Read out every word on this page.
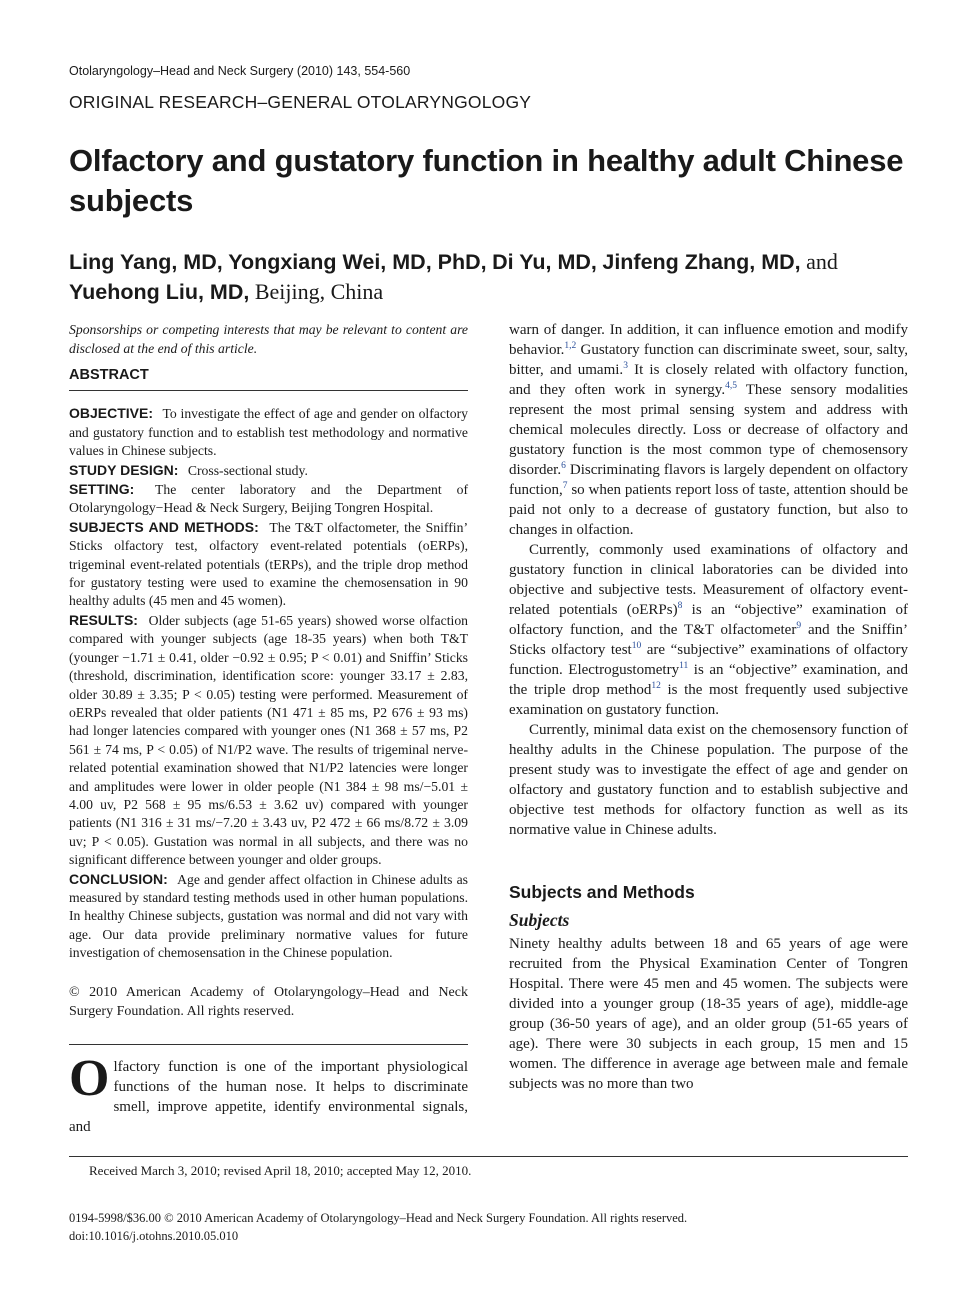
Otolaryngology–Head and Neck Surgery (2010) 143, 554-560
ORIGINAL RESEARCH–GENERAL OTOLARYNGOLOGY
Olfactory and gustatory function in healthy adult Chinese subjects
Ling Yang, MD, Yongxiang Wei, MD, PhD, Di Yu, MD, Jinfeng Zhang, MD, and Yuehong Liu, MD, Beijing, China

Sponsorships or competing interests that may be relevant to content are disclosed at the end of this article.

ABSTRACT

OBJECTIVE: To investigate the effect of age and gender on olfactory and gustatory function and to establish test methodology and normative values in Chinese subjects.

STUDY DESIGN: Cross-sectional study.

SETTING: The center laboratory and the Department of Otolaryngology−Head & Neck Surgery, Beijing Tongren Hospital.

SUBJECTS AND METHODS: The T&T olfactometer, the Sniffin’ Sticks olfactory test, olfactory event-related potentials (oERPs), trigeminal event-related potentials (tERPs), and the triple drop method for gustatory testing were used to examine the chemosensation in 90 healthy adults (45 men and 45 women).

RESULTS: Older subjects (age 51-65 years) showed worse olfaction compared with younger subjects (age 18-35 years) when both T&T (younger −1.71 ± 0.41, older −0.92 ± 0.95; P < 0.01) and Sniffin’ Sticks (threshold, discrimination, identification score: younger 33.17 ± 2.83, older 30.89 ± 3.35; P < 0.05) testing were performed. Measurement of oERPs revealed that older patients (N1 471 ± 85 ms, P2 676 ± 93 ms) had longer latencies compared with younger ones (N1 368 ± 57 ms, P2 561 ± 74 ms, P < 0.05) of N1/P2 wave. The results of trigeminal nerve-related potential examination showed that N1/P2 latencies were longer and amplitudes were lower in older people (N1 384 ± 98 ms/−5.01 ± 4.00 uv, P2 568 ± 95 ms/6.53 ± 3.62 uv) compared with younger patients (N1 316 ± 31 ms/−7.20 ± 3.43 uv, P2 472 ± 66 ms/8.72 ± 3.09 uv; P < 0.05). Gustation was normal in all subjects, and there was no significant difference between younger and older groups.

CONCLUSION: Age and gender affect olfaction in Chinese adults as measured by standard testing methods used in other human populations. In healthy Chinese subjects, gustation was normal and did not vary with age. Our data provide preliminary normative values for future investigation of chemosensation in the Chinese population.

© 2010 American Academy of Otolaryngology–Head and Neck Surgery Foundation. All rights reserved.

Olfactory function is one of the important physiological functions of the human nose. It helps to discriminate smell, improve appetite, identify environmental signals, and

warn of danger. In addition, it can influence emotion and modify behavior.$^{1,2}$ Gustatory function can discriminate sweet, sour, salty, bitter, and umami.$^3$ It is closely related with olfactory function, and they often work in synergy.$^{4,5}$ These sensory modalities represent the most primal sensing system and address with chemical molecules directly. Loss or decrease of olfactory and gustatory function is the most common type of chemosensory disorder.$^6$ Discriminating flavors is largely dependent on olfactory function,$^7$ so when patients report loss of taste, attention should be paid not only to a decrease of gustatory function, but also to changes in olfaction.

Currently, commonly used examinations of olfactory and gustatory function in clinical laboratories can be divided into objective and subjective tests. Measurement of olfactory event-related potentials (oERPs)$^8$ is an “objective” examination of olfactory function, and the T&T olfactometer$^9$ and the Sniffin’ Sticks olfactory test$^{10}$ are “subjective” examinations of olfactory function. Electrogustometry$^{11}$ is an “objective” examination, and the triple drop method$^{12}$ is the most frequently used subjective examination on gustatory function.

Currently, minimal data exist on the chemosensory function of healthy adults in the Chinese population. The purpose of the present study was to investigate the effect of age and gender on olfactory and gustatory function and to establish subjective and objective test methods for olfactory function as well as its normative value in Chinese adults.

Subjects and Methods
Subjects

Ninety healthy adults between 18 and 65 years of age were recruited from the Physical Examination Center of Tongren Hospital. There were 45 men and 45 women. The subjects were divided into a younger group (18-35 years of age), middle-age group (36-50 years of age), and an older group (51-65 years of age). There were 30 subjects in each group, 15 men and 15 women. The difference in average age between male and female subjects was no more than two

Received March 3, 2010; revised April 18, 2010; accepted May 12, 2010.
0194-5998/$36.00 © 2010 American Academy of Otolaryngology–Head and Neck Surgery Foundation. All rights reserved.
doi:10.1016/j.otohns.2010.05.010
